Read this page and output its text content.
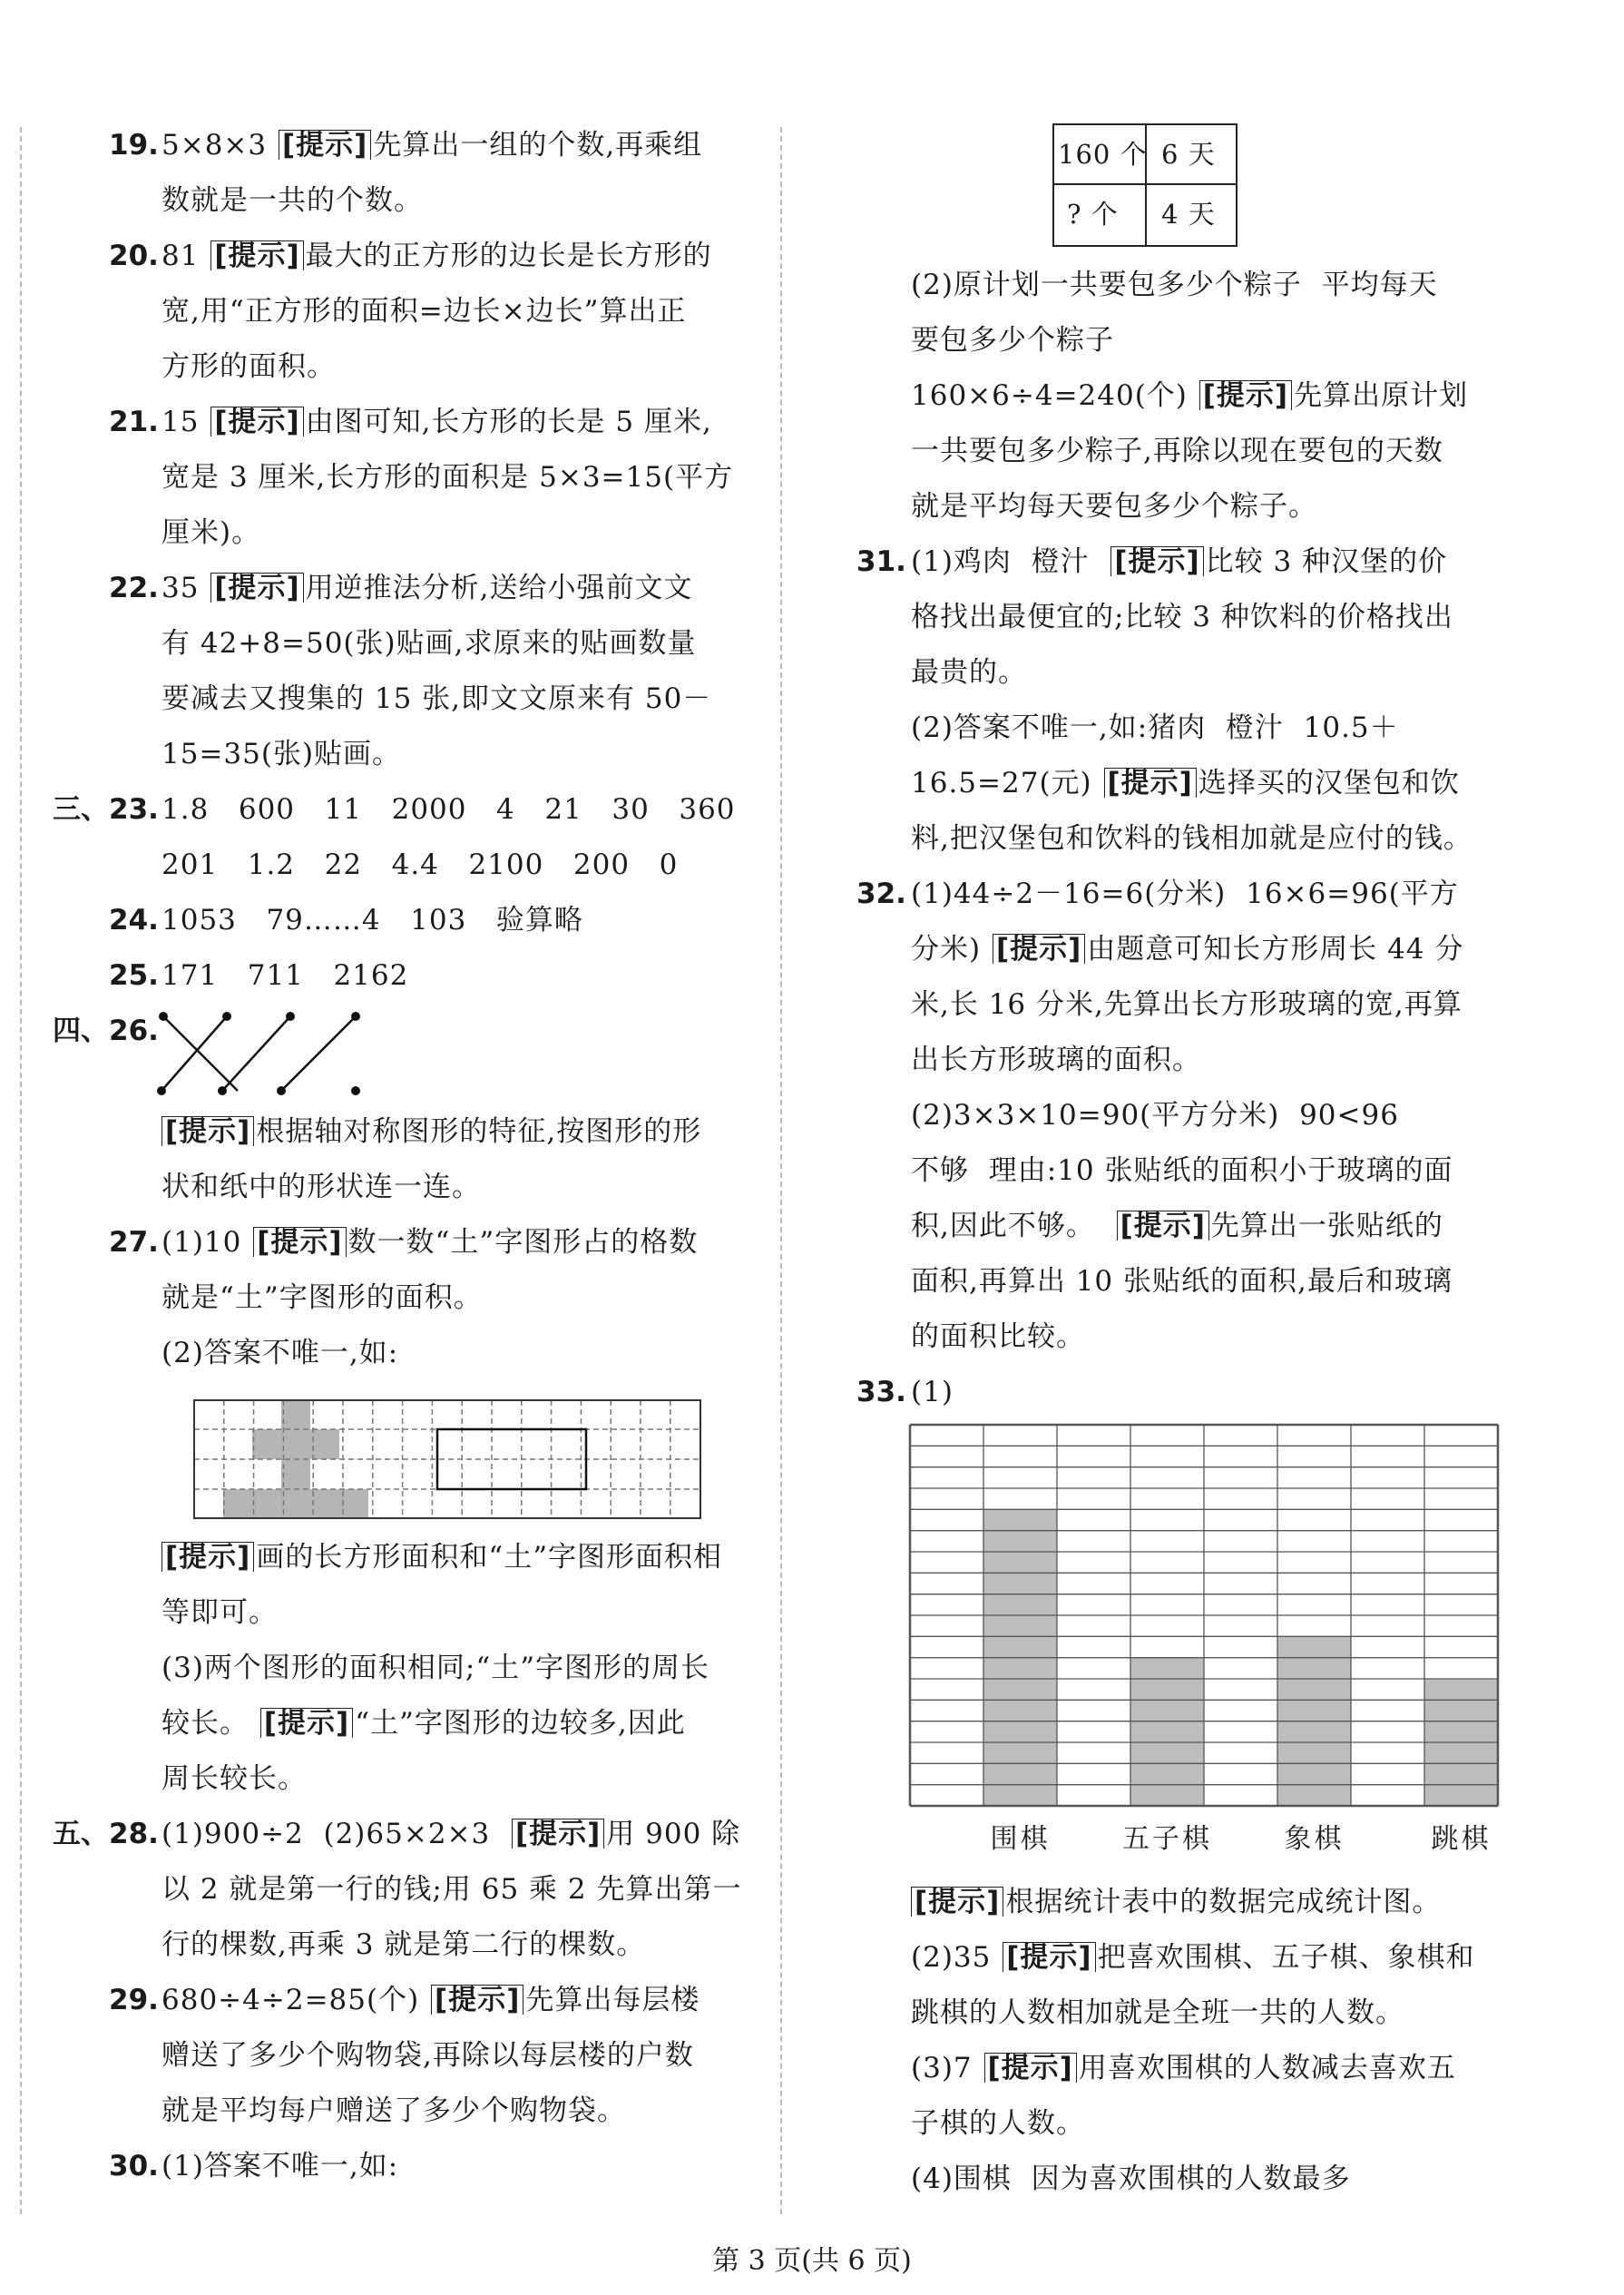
19. 5×8×3 [提示] 先算出一组的个数,再乘组
数就是一共的个数。
20. 81 [提示] 最大的正方形的边长是长方形的
宽,用“正方形的面积=边长×边长”算出正
方形的面积。
21. 15 [提示] 由图可知,长方形的长是 5 厘米,
宽是 3 厘米,长方形的面积是 5×3=15(平方
厘米)。
22. 35 [提示] 用逆推法分析,送给小强前文文
有 42+8=50(张)贴画,求原来的贴画数量
要减去又搜集的 15 张,即文文原来有 50－
15=35(张)贴画。
三、23. 1.8   600   11   2000   4   21   30   360
201   1.2   22   4.4   2100   200   0
24. 1053   79……4   103   验算略
25. 171   711   2162
四、26.
[提示] 根据轴对称图形的特征,按图形的形
状和纸中的形状连一连。
27. (1)10 [提示] 数一数“土”字图形占的格数
就是“土”字图形的面积。
(2)答案不唯一,如:
[提示] 画的长方形面积和“土”字图形面积相
等即可。
(3)两个图形的面积相同;“土”字图形的周长
较长。 [提示] “土”字图形的边较多,因此
周长较长。
五、28. (1)900÷2  (2)65×2×3  [提示] 用 900 除
以 2 就是第一行的钱;用 65 乘 2 先算出第一
行的棵数,再乘 3 就是第二行的棵数。
29. 680÷4÷2=85(个) [提示] 先算出每层楼
赠送了多少个购物袋,再除以每层楼的户数
就是平均每户赠送了多少个购物袋。
30. (1)答案不唯一,如:
160 个 6 天
? 个 4 天
(2)原计划一共要包多少个粽子  平均每天
要包多少个粽子
160×6÷4=240(个) [提示] 先算出原计划
一共要包多少粽子,再除以现在要包的天数
就是平均每天要包多少个粽子。
31. (1)鸡肉  橙汁  [提示] 比较 3 种汉堡的价
格找出最便宜的;比较 3 种饮料的价格找出
最贵的。
(2)答案不唯一,如:猪肉  橙汁  10.5＋
16.5=27(元) [提示] 选择买的汉堡包和饮
料,把汉堡包和饮料的钱相加就是应付的钱。
32. (1)44÷2－16=6(分米)  16×6=96(平方
分米) [提示] 由题意可知长方形周长 44 分
米,长 16 分米,先算出长方形玻璃的宽,再算
出长方形玻璃的面积。
(2)3×3×10=90(平方分米)  90<96
不够  理由:10 张贴纸的面积小于玻璃的面
积,因此不够。  [提示] 先算出一张贴纸的
面积,再算出 10 张贴纸的面积,最后和玻璃
的面积比较。
33. (1)
围棋	五子棋	象棋	跳棋
[提示] 根据统计表中的数据完成统计图。
(2)35 [提示] 把喜欢围棋、五子棋、象棋和
跳棋的人数相加就是全班一共的人数。
(3)7 [提示] 用喜欢围棋的人数减去喜欢五
子棋的人数。
(4)围棋  因为喜欢围棋的人数最多
第 3 页(共 6 页)
